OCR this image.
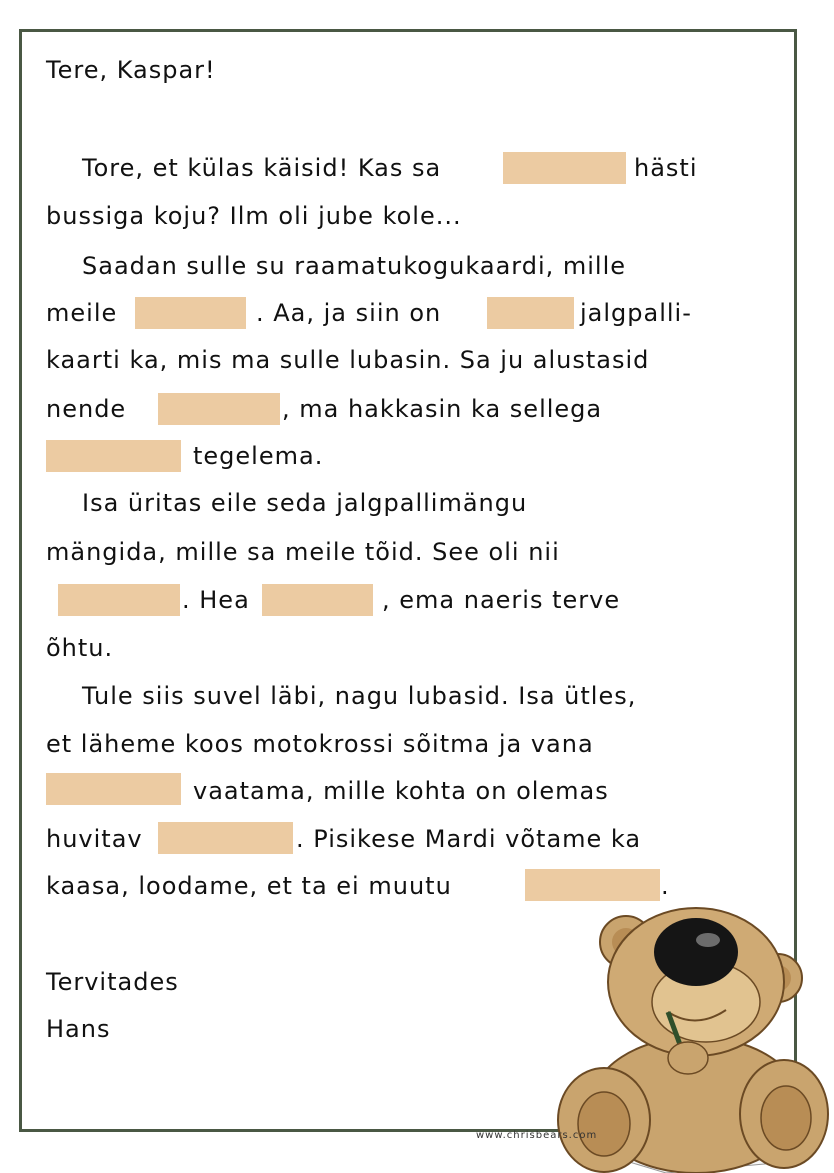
Tere, Kaspar!
Tore, et külas käisid! Kas sa	hästi
bussiga koju? Ilm oli jube kole...
Saadan sulle su raamatukogukaardi, mille
meile	. Aa, ja siin on	jalgpalli-
kaarti ka, mis ma sulle lubasin. Sa ju alustasid
nende	, ma hakkasin ka sellega
tegelema.
Isa üritas eile seda jalgpallimängu
mängida, mille sa meile tõid. See oli nii
. Hea	, ema naeris terve
õhtu.
Tule siis suvel läbi, nagu lubasid. Isa ütles,
et läheme koos motokrossi sõitma ja vana
vaatama, mille kohta on olemas
huvitav	. Pisikese Mardi võtame ka
kaasa, loodame, et ta ei muutu	.
Tervitades
Hans
www.chrisbears.com
